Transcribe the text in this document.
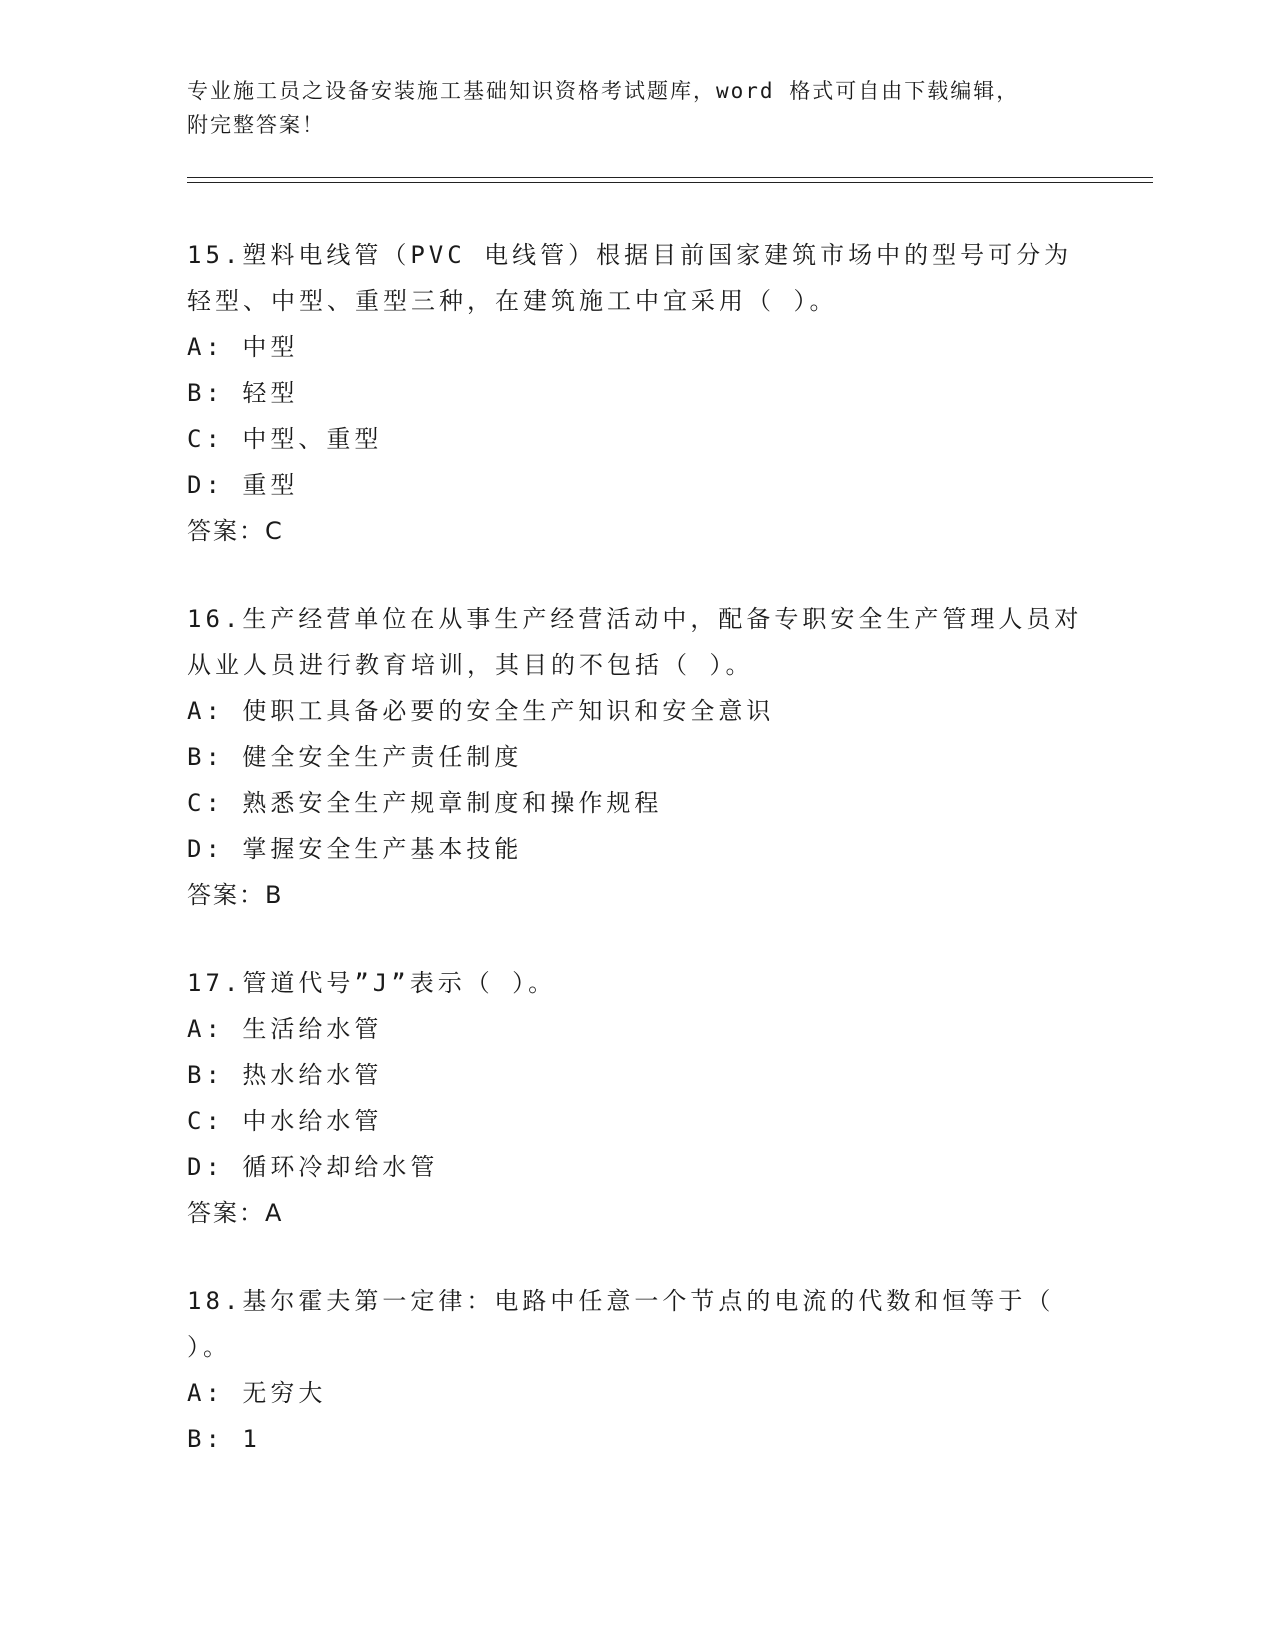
专业施工员之设备安装施工基础知识资格考试题库，word 格式可自由下载编辑，
附完整答案！
15.塑料电线管（PVC 电线管）根据目前国家建筑市场中的型号可分为轻型、中型、重型三种，在建筑施工中宜采用（ ）。
A: 中型
B: 轻型
C: 中型、重型
D: 重型
答案：C
16.生产经营单位在从事生产经营活动中，配备专职安全生产管理人员对从业人员进行教育培训，其目的不包括（ ）。
A: 使职工具备必要的安全生产知识和安全意识
B: 健全安全生产责任制度
C: 熟悉安全生产规章制度和操作规程
D: 掌握安全生产基本技能
答案：B
17.管道代号”J”表示（ ）。
A: 生活给水管
B: 热水给水管
C: 中水给水管
D: 循环冷却给水管
答案：A
18.基尔霍夫第一定律：电路中任意一个节点的电流的代数和恒等于（ ）。
A: 无穷大
B: 1
